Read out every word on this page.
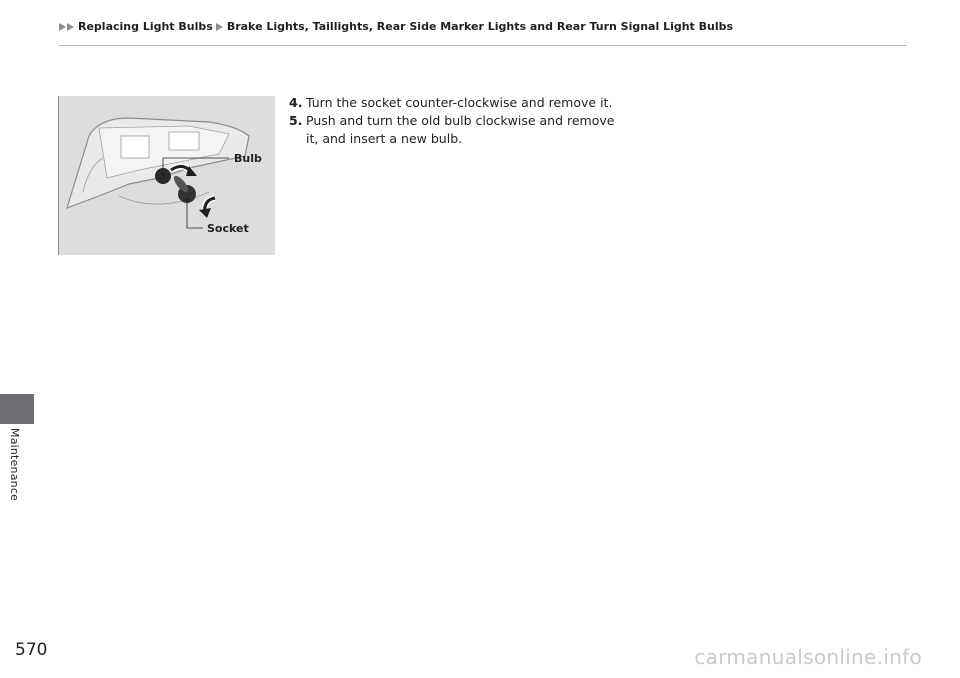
Replacing Light Bulbs Brake Lights, Taillights, Rear Side Marker Lights and Rear Turn Signal Light Bulbs
Maintenance
Bulb
Socket
4. Turn the socket counter-clockwise and remove it.
5. Push and turn the old bulb clockwise and remove it, and insert a new bulb.
570	carmanualsonline.info
